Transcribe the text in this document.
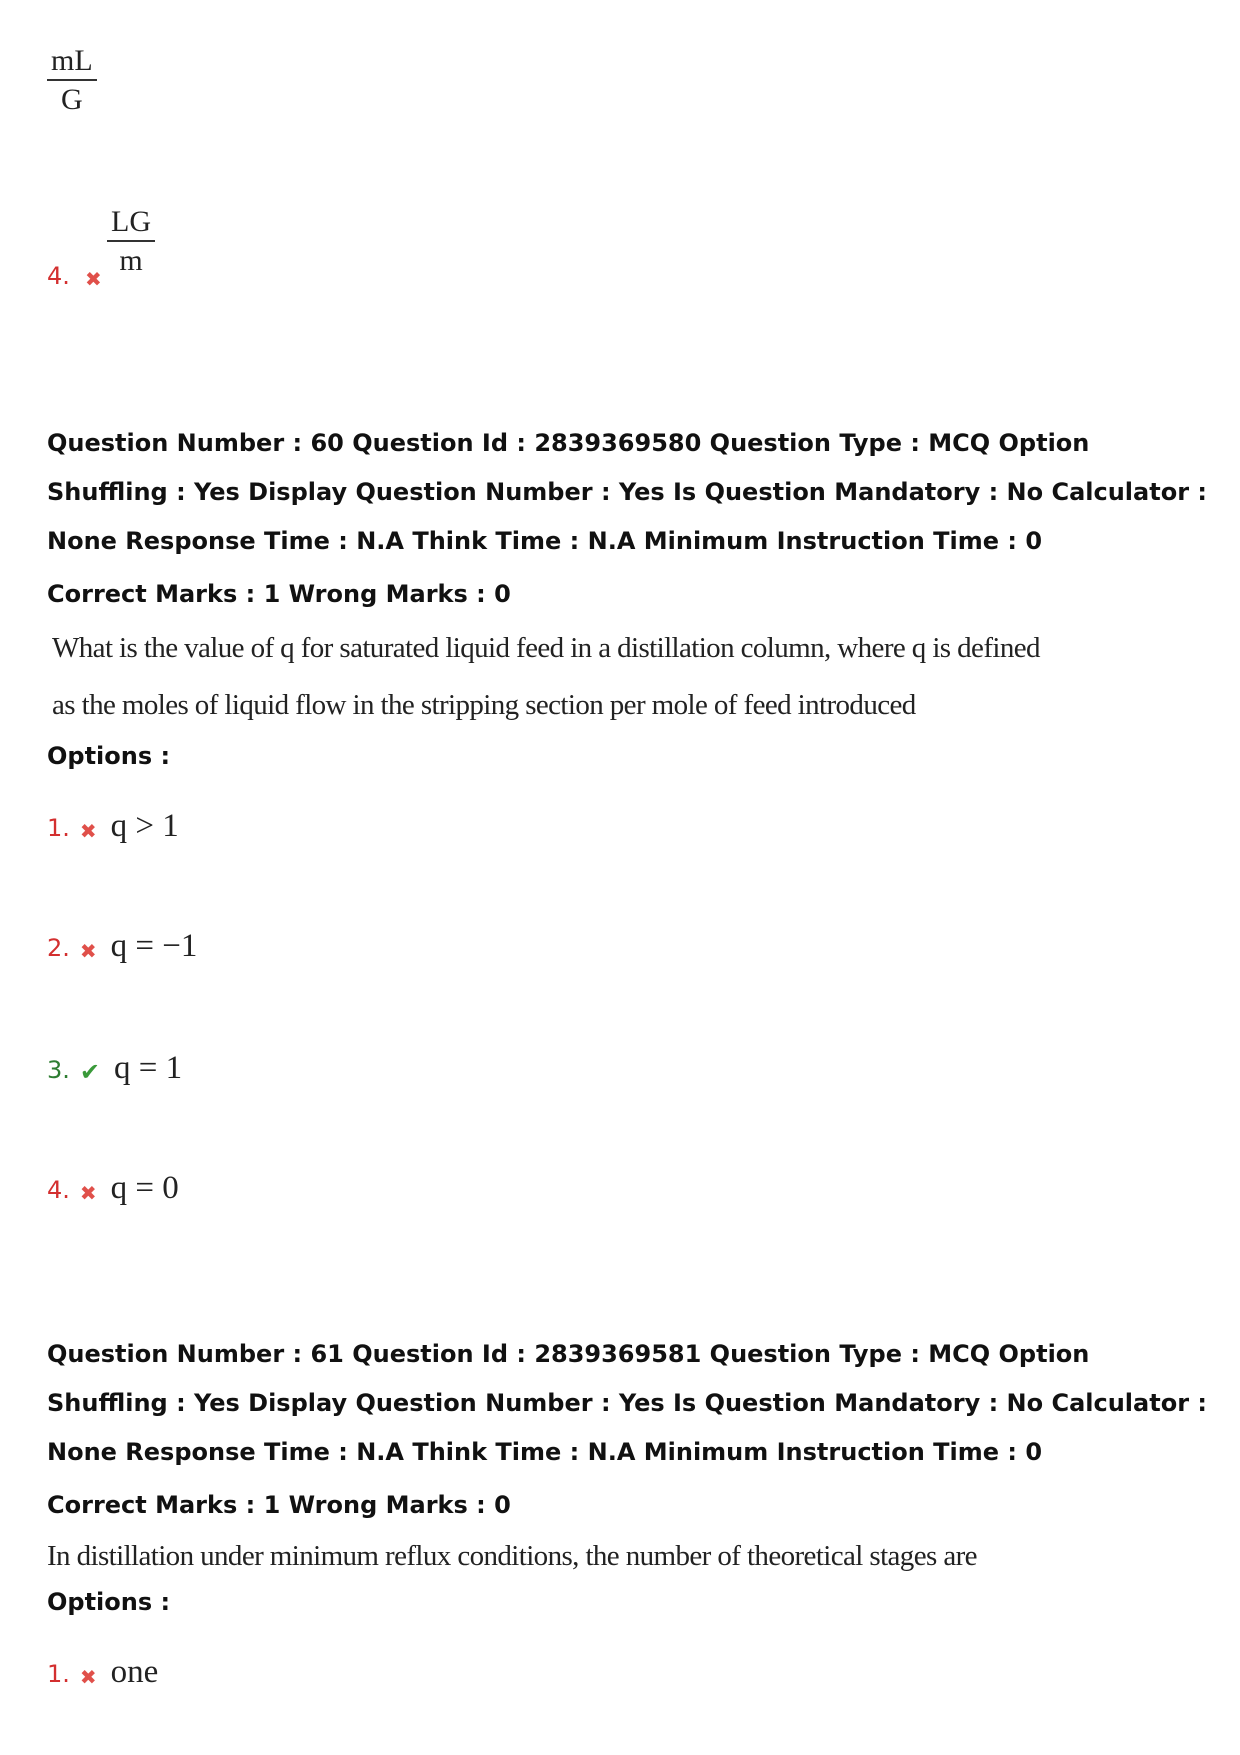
$\frac{mL}{G}$
4. ✖
$\frac{LG}{m}$
Question Number : 60 Question Id : 2839369580 Question Type : MCQ Option Shuffling : Yes Display Question Number : Yes Is Question Mandatory : No Calculator : None Response Time : N.A Think Time : N.A Minimum Instruction Time : 0
Correct Marks : 1 Wrong Marks : 0
What is the value of q for saturated liquid feed in a distillation column, where q is defined
as the moles of liquid flow in the stripping section per mole of feed introduced
Options :
1. ✖ q > 1
2. ✖ q = −1
3. ✔ q = 1
4. ✖ q = 0
Question Number : 61 Question Id : 2839369581 Question Type : MCQ Option Shuffling : Yes Display Question Number : Yes Is Question Mandatory : No Calculator : None Response Time : N.A Think Time : N.A Minimum Instruction Time : 0
Correct Marks : 1 Wrong Marks : 0
In distillation under minimum reflux conditions, the number of theoretical stages are
Options :
1. ✖ one
